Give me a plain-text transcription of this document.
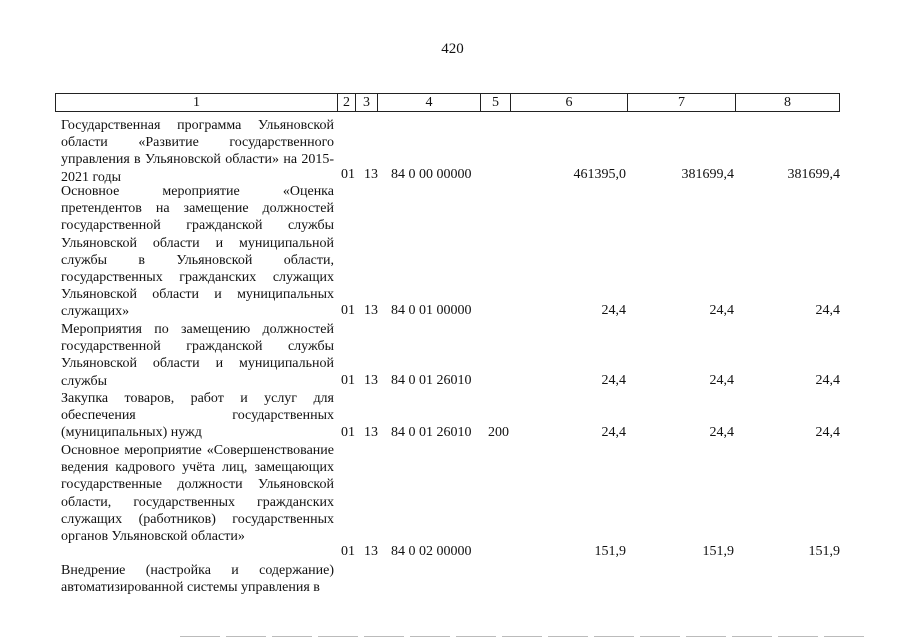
420
1	2 3	4	5	6	7	8
Государственная программа Ульяновской области «Развитие государственного управления в Ульяновской области» на 2015-2021 годы	01 13 84 0 00 00000	461395,0	381699,4	381699,4
Основное мероприятие «Оценка претендентов на замещение должностей государственной гражданской службы Ульяновской области и муниципальной службы в Ульяновской области, государственных гражданских служащих Ульяновской области и муниципальных служащих»	01 13 84 0 01 00000	24,4	24,4	24,4
Мероприятия по замещению должностей государственной гражданской службы Ульяновской области и муниципальной службы	01 13 84 0 01 26010	24,4	24,4	24,4
Закупка товаров, работ и услуг для обеспечения государственных (муниципальных) нужд	01 13 84 0 01 26010 200	24,4	24,4	24,4
Основное мероприятие «Совершенствование ведения кадрового учёта лиц, замещающих государственные должности Ульяновской области, государственных гражданских служащих (работников) государственных органов Ульяновской области»
01 13 84 0 02 00000	151,9	151,9	151,9
Внедрение (настройка и содержание) автоматизированной системы управления в
